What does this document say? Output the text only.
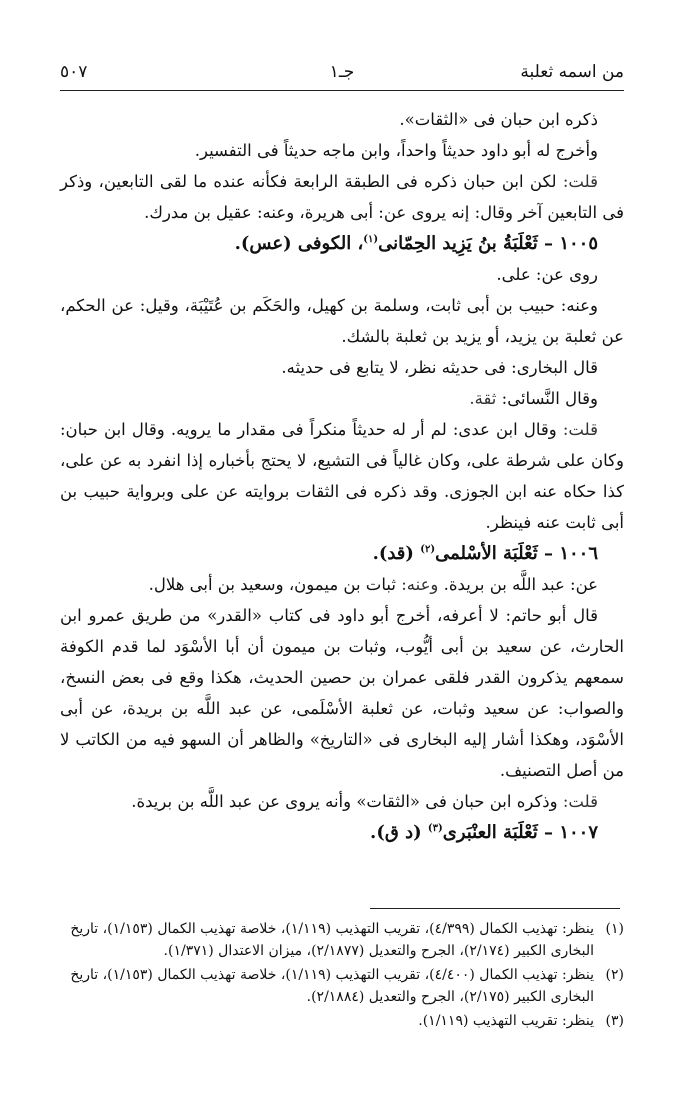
من اسمه ثعلبة
جـ١
٥٠٧

ذكره ابن حبان فى «الثقات».

وأخرج له أبو داود حديثاً واحداً، وابن ماجه حديثاً فى التفسير.

قلت: لكن ابن حبان ذكره فى الطبقة الرابعة فكأنه عنده ما لقى التابعين، وذكر فى التابعين آخر وقال: إنه يروى عن: أبى هريرة، وعنه: عقيل بن مدرك.

١٠٠٥ – ثَعْلَبَةُ بنُ يَزِيد الحِمّانى$^{(١)}$، الكوفى (عس).

روى عن: على.

وعنه: حبيب بن أبى ثابت، وسلمة بن كهيل، والحَكَم بن عُتَيْبَة، وقيل: عن الحكم، عن ثعلبة بن يزيد، أو يزيد بن ثعلبة بالشك.

قال البخارى: فى حديثه نظر، لا يتابع فى حديثه.

وقال النَّسائى: ثقة.

قلت: وقال ابن عدى: لم أر له حديثاً منكراً فى مقدار ما يرويه. وقال ابن حبان: وكان على شرطة على، وكان غالياً فى التشيع، لا يحتج بأخباره إذا انفرد به عن على، كذا حكاه عنه ابن الجوزى. وقد ذكره فى الثقات بروايته عن على وبرواية حبيب بن أبى ثابت عنه فينظر.

١٠٠٦ – ثَعْلَبَة الأسْلمى$^{(٢)}$ (قد).

عن: عبد اللَّه بن بريدة. وعنه: ثبات بن ميمون، وسعيد بن أبى هلال.

قال أبو حاتم: لا أعرفه، أخرج أبو داود فى كتاب «القدر» من طريق عمرو ابن الحارث، عن سعيد بن أبى أيُّوب، وثبات بن ميمون أن أبا الأسْوَد لما قدم الكوفة سمعهم يذكرون القدر فلقى عمران بن حصين الحديث، هكذا وقع فى بعض النسخ، والصواب: عن سعيد وثبات، عن ثعلبة الأسْلَمى، عن عبد اللَّه بن بريدة، عن أبى الأسْوَد، وهكذا أشار إليه البخارى فى «التاريخ» والظاهر أن السهو فيه من الكاتب لا من أصل التصنيف.

قلت: وذكره ابن حبان فى «الثقات» وأنه يروى عن عبد اللَّه بن بريدة.

١٠٠٧ – ثَعْلَبَة العنْبَرى$^{(٣)}$ (د ق).

(١)
ينظر: تهذيب الكمال (٤/٣٩٩)، تقريب التهذيب (١/١١٩)، خلاصة تهذيب الكمال (١/١٥٣)، تاريخ البخارى الكبير (٢/١٧٤)، الجرح والتعديل (٢/١٨٧٧)، ميزان الاعتدال (١/٣٧١).
(٢)
ينظر: تهذيب الكمال (٤/٤٠٠)، تقريب التهذيب (١/١١٩)، خلاصة تهذيب الكمال (١/١٥٣)، تاريخ البخارى الكبير (٢/١٧٥)، الجرح والتعديل (٢/١٨٨٤).
(٣)
ينظر: تقريب التهذيب (١/١١٩).
